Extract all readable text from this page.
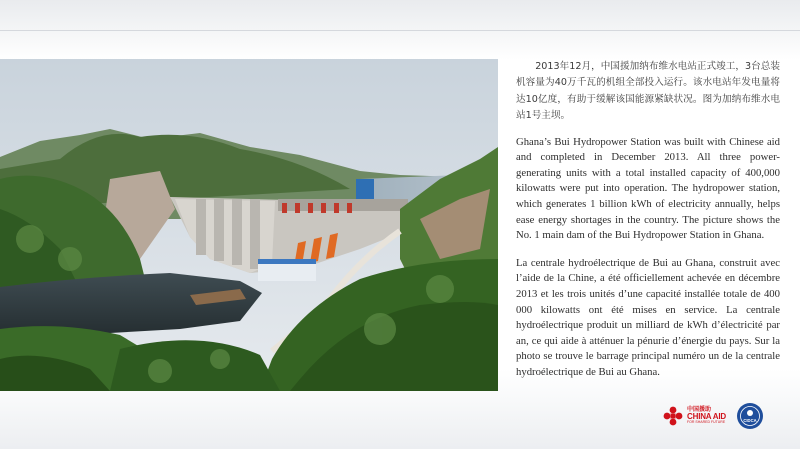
2013年12月，中国援加纳布维水电站正式竣工，3台总装机容量为40万千瓦的机组全部投入运行。该水电站年发电量将达10亿度，有助于缓解该国能源紧缺状况。图为加纳布维水电站1号主坝。

Ghana’s Bui Hydropower Station was built with Chinese aid and completed in December 2013. All three power-generating units with a total installed capacity of 400,000 kilowatts were put into operation. The hydropower station, which generates 1 billion kWh of electricity annually, helps ease energy shortages in the country. The picture shows the No. 1 main dam of the Bui Hydropower Station in Ghana.

La centrale hydroélectrique de Bui au Ghana, construit avec l’aide de la Chine, a été officiellement achevée en décembre 2013 et les trois unités d’une capacité installée totale de 400 000 kilowatts ont été mises en service. La centrale hydroélectrique produit un milliard de kWh d’électricité par an, ce qui aide à atténuer la pénurie d’énergie du pays. Sur la photo se trouve le barrage principal numéro un de la centrale hydroélectrique de Bui au Ghana.

中国援助
CHINA AID
FOR SHARED FUTURE	CIDCA
